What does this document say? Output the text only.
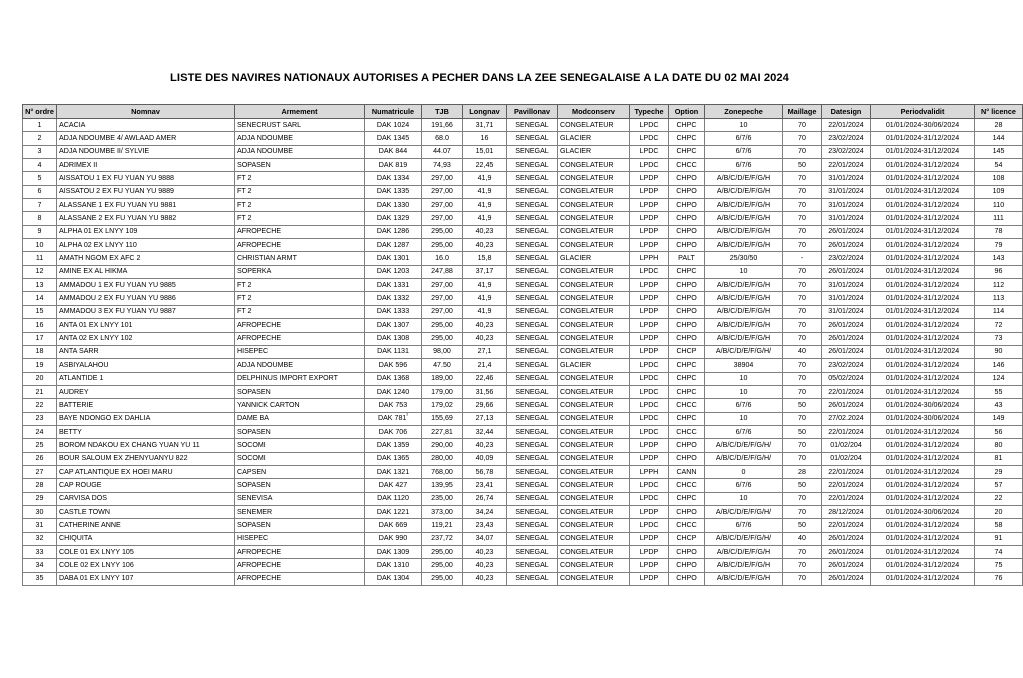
LISTE DES NAVIRES NATIONAUX AUTORISES A PECHER DANS LA ZEE SENEGALAISE A LA DATE DU 02 MAI 2024
N° ordre	Nomnav	Armement	Numatricule	TJB	Longnav	Pavillonav	Modconserv	Typeche	Option	Zonepeche	Maillage	Datesign	Periodvalidit	N° licence
1	ACACIA	SENECRUST SARL	DAK 1024	191,66	31,71	SENEGAL	CONGELATEUR	LPDC	CHPC	10	70	22/01/2024	01/01/2024-30/06/2024	28
2	ADJA NDOUMBE 4/ AWLAAD AMER	ADJA NDOUMBE	DAK 1345	68.0	16	SENEGAL	GLACIER	LPDC	CHPC	6/7/6	70	23/02/2024	01/01/2024-31/12/2024	144
3	ADJA NDOUMBE II/ SYLVIE	ADJA NDOUMBE	DAK 844	44.07	15,01	SENEGAL	GLACIER	LPDC	CHPC	6/7/6	70	23/02/2024	01/01/2024-31/12/2024	145
4	ADRIMEX II	SOPASEN	DAK 819	74,93	22,45	SENEGAL	CONGELATEUR	LPDC	CHCC	6/7/6	50	22/01/2024	01/01/2024-31/12/2024	54
5	AISSATOU 1 EX FU YUAN YU 9888	FT 2	DAK 1334	297,00	41,9	SENEGAL	CONGELATEUR	LPDP	CHPO	A/B/C/D/E/F/G/H	70	31/01/2024	01/01/2024-31/12/2024	108
6	AISSATOU 2 EX FU YUAN YU 9889	FT 2	DAK 1335	297,00	41,9	SENEGAL	CONGELATEUR	LPDP	CHPO	A/B/C/D/E/F/G/H	70	31/01/2024	01/01/2024-31/12/2024	109
7	ALASSANE 1 EX FU YUAN YU 9881	FT 2	DAK 1330	297,00	41,9	SENEGAL	CONGELATEUR	LPDP	CHPO	A/B/C/D/E/F/G/H	70	31/01/2024	01/01/2024-31/12/2024	110
8	ALASSANE 2 EX FU YUAN YU 9882	FT 2	DAK 1329	297,00	41,9	SENEGAL	CONGELATEUR	LPDP	CHPO	A/B/C/D/E/F/G/H	70	31/01/2024	01/01/2024-31/12/2024	111
9	ALPHA 01 EX LNYY 109	AFROPECHE	DAK 1286	295,00	40,23	SENEGAL	CONGELATEUR	LPDP	CHPO	A/B/C/D/E/F/G/H	70	26/01/2024	01/01/2024-31/12/2024	78
10	ALPHA 02 EX LNYY 110	AFROPECHE	DAK 1287	295,00	40,23	SENEGAL	CONGELATEUR	LPDP	CHPO	A/B/C/D/E/F/G/H	70	26/01/2024	01/01/2024-31/12/2024	79
11	AMATH NGOM EX AFC 2	CHRISTIAN ARMT	DAK 1301	16.0	15,8	SENEGAL	GLACIER	LPPH	PALT	25/30/50	-	23/02/2024	01/01/2024-31/12/2024	143
12	AMINE EX AL HIKMA	SOPERKA	DAK 1203	247,88	37,17	SENEGAL	CONGELATEUR	LPDC	CHPC	10	70	26/01/2024	01/01/2024-31/12/2024	96
13	AMMADOU 1 EX FU YUAN YU 9885	FT 2	DAK 1331	297,00	41,9	SENEGAL	CONGELATEUR	LPDP	CHPO	A/B/C/D/E/F/G/H	70	31/01/2024	01/01/2024-31/12/2024	112
14	AMMADOU 2 EX FU YUAN YU 9886	FT 2	DAK 1332	297,00	41,9	SENEGAL	CONGELATEUR	LPDP	CHPO	A/B/C/D/E/F/G/H	70	31/01/2024	01/01/2024-31/12/2024	113
15	AMMADOU 3 EX FU YUAN YU 9887	FT 2	DAK 1333	297,00	41,9	SENEGAL	CONGELATEUR	LPDP	CHPO	A/B/C/D/E/F/G/H	70	31/01/2024	01/01/2024-31/12/2024	114
16	ANTA 01 EX LNYY 101	AFROPECHE	DAK 1307	295,00	40,23	SENEGAL	CONGELATEUR	LPDP	CHPO	A/B/C/D/E/F/G/H	70	26/01/2024	01/01/2024-31/12/2024	72
17	ANTA 02 EX LNYY 102	AFROPECHE	DAK 1308	295,00	40,23	SENEGAL	CONGELATEUR	LPDP	CHPO	A/B/C/D/E/F/G/H	70	26/01/2024	01/01/2024-31/12/2024	73
18	ANTA SARR	HISEPEC	DAK 1131	98,00	27,1	SENEGAL	CONGELATEUR	LPDP	CHCP	A/B/C/D/E/F/G/H/	40	26/01/2024	01/01/2024-31/12/2024	90
19	ASBIYALAHOU	ADJA NDOUMBE	DAK 596	47.50	21,4	SENEGAL	GLACIER	LPDC	CHPC	38904	70	23/02/2024	01/01/2024-31/12/2024	146
20	ATLANTIDE 1	DELPHINUS IMPORT EXPORT	DAK 1368	189,00	22,46	SENEGAL	CONGELATEUR	LPDC	CHPC	10	70	05/02/2024	01/01/2024-31/12/2024	124
21	AUDREY	SOPASEN	DAK 1240	179,00	31,56	SENEGAL	CONGELATEUR	LPDC	CHPC	10	70	22/01/2024	01/01/2024-31/12/2024	55
22	BATTERIE	YANNICK CARTON	DAK 753	179,02	29,66	SENEGAL	CONGELATEUR	LPDC	CHCC	6/7/6	50	26/01/2024	01/01/2024-30/06/2024	43
23	BAYE NDONGO EX DAHLIA	DAME BA	DAK $781^{^2}$	155,69	27,13	SENEGAL	CONGELATEUR	LPDC	CHPC	10	70	27/02.2024	01/01/2024-30/06/2024	149
24	BETTY	SOPASEN	DAK 706	227,81	32,44	SENEGAL	CONGELATEUR	LPDC	CHCC	6/7/6	50	22/01/2024	01/01/2024-31/12/2024	56
25	BOROM NDAKOU EX CHANG YUAN YU 11	SOCOMI	DAK 1359	290,00	40,23	SENEGAL	CONGELATEUR	LPDP	CHPO	A/B/C/D/E/F/G/H/	70	01/02/204	01/01/2024-31/12/2024	80
26	BOUR SALOUM EX ZHENYUANYU 822	SOCOMI	DAK 1365	280,00	40,09	SENEGAL	CONGELATEUR	LPDP	CHPO	A/B/C/D/E/F/G/H/	70	01/02/204	01/01/2024-31/12/2024	81
27	CAP ATLANTIQUE EX HOEI MARU	CAPSEN	DAK 1321	768,00	56,78	SENEGAL	CONGELATEUR	LPPH	CANN	0	28	22/01/2024	01/01/2024-31/12/2024	29
28	CAP ROUGE	SOPASEN	DAK 427	139,95	23,41	SENEGAL	CONGELATEUR	LPDC	CHCC	6/7/6	50	22/01/2024	01/01/2024-31/12/2024	57
29	CARVISA DOS	SENEVISA	DAK 1120	235,00	26,74	SENEGAL	CONGELATEUR	LPDC	CHPC	10	70	22/01/2024	01/01/2024-31/12/2024	22
30	CASTLE TOWN	SENEMER	DAK 1221	373,00	34,24	SENEGAL	CONGELATEUR	LPDP	CHPO	A/B/C/D/E/F/G/H/	70	28/12/2024	01/01/2024-30/06/2024	20
31	CATHERINE ANNE	SOPASEN	DAK 669	119,21	23,43	SENEGAL	CONGELATEUR	LPDC	CHCC	6/7/6	50	22/01/2024	01/01/2024-31/12/2024	58
32	CHIQUITA	HISEPEC	DAK 990	237,72	34,07	SENEGAL	CONGELATEUR	LPDP	CHCP	A/B/C/D/E/F/G/H/	40	26/01/2024	01/01/2024-31/12/2024	91
33	COLE 01 EX LNYY 105	AFROPECHE	DAK 1309	295,00	40,23	SENEGAL	CONGELATEUR	LPDP	CHPO	A/B/C/D/E/F/G/H	70	26/01/2024	01/01/2024-31/12/2024	74
34	COLE 02 EX LNYY 106	AFROPECHE	DAK 1310	295,00	40,23	SENEGAL	CONGELATEUR	LPDP	CHPO	A/B/C/D/E/F/G/H	70	26/01/2024	01/01/2024-31/12/2024	75
35	DABA 01 EX LNYY 107	AFROPECHE	DAK 1304	295,00	40,23	SENEGAL	CONGELATEUR	LPDP	CHPO	A/B/C/D/E/F/G/H	70	26/01/2024	01/01/2024-31/12/2024	76
